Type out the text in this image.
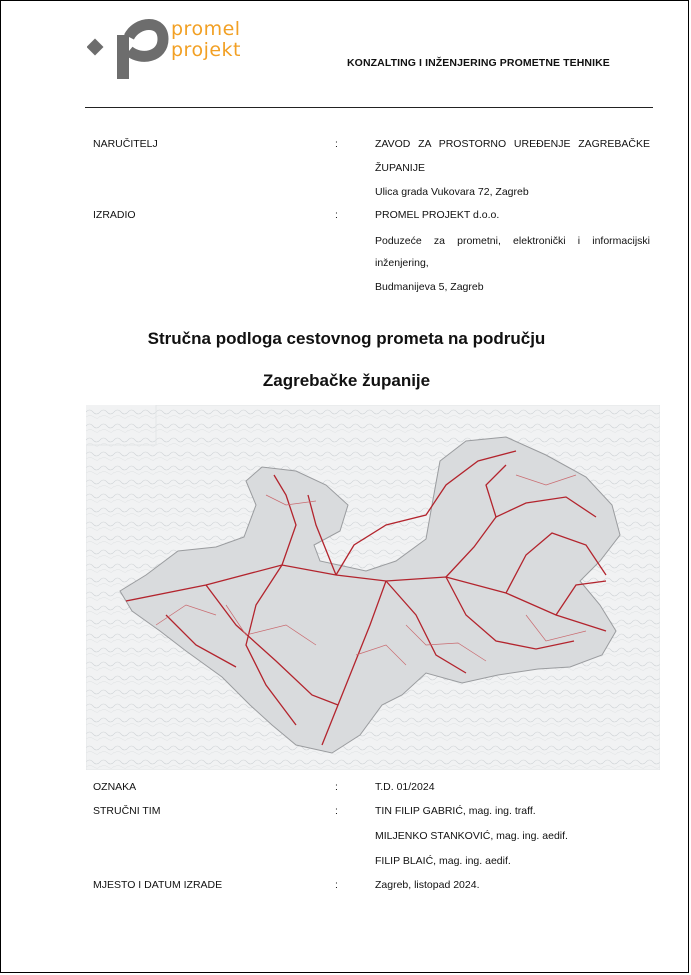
promel
projekt
KONZALTING I INŽENJERING PROMETNE TEHNIKE
NARUČITELJ	:	ZAVOD ZA PROSTORNO UREĐENJE ZAGREBAČKE
ŽUPANIJE
Ulica grada Vukovara 72, Zagreb
IZRADIO	:	PROMEL PROJEKT d.o.o.
Poduzeće za prometni, elektronički i informacijski
inženjering,
Budmanijeva 5, Zagreb
Stručna podloga cestovnog prometa na području
Zagrebačke županije
OZNAKA	:	T.D. 01/2024
STRUČNI TIM	:	TIN FILIP GABRIĆ, mag. ing. traff.
MILJENKO STANKOVIĆ, mag. ing. aedif.
FILIP BLAIĆ, mag. ing. aedif.
MJESTO I DATUM IZRADE	:	Zagreb, listopad 2024.
